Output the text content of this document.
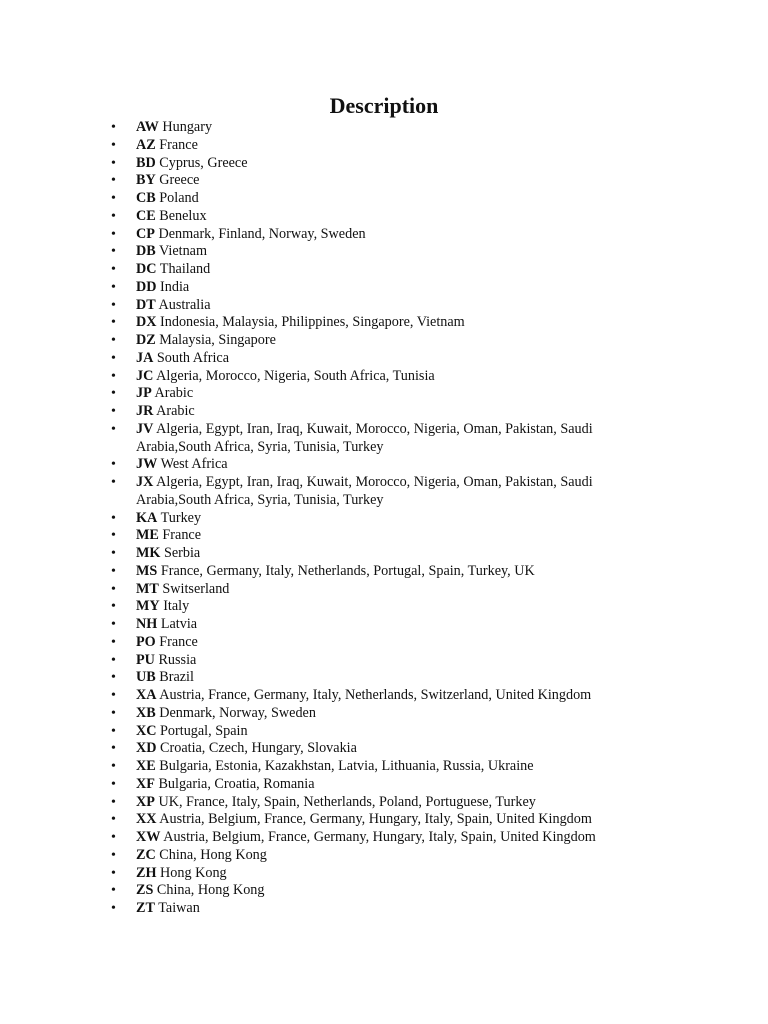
Description
• AW Hungary
• AZ France
• BD Cyprus, Greece
• BY Greece
• CB Poland
• CE Benelux
• CP Denmark, Finland, Norway, Sweden
• DB Vietnam
• DC Thailand
• DD India
• DT Australia
• DX Indonesia, Malaysia, Philippines, Singapore, Vietnam
• DZ Malaysia, Singapore
• JA South Africa
• JC Algeria, Morocco, Nigeria, South Africa, Tunisia
• JP Arabic
• JR Arabic
• JV Algeria, Egypt, Iran, Iraq, Kuwait, Morocco, Nigeria, Oman, Pakistan, Saudi Arabia,South Africa, Syria, Tunisia, Turkey
• JW West Africa
• JX Algeria, Egypt, Iran, Iraq, Kuwait, Morocco, Nigeria, Oman, Pakistan, Saudi Arabia,South Africa, Syria, Tunisia, Turkey
• KA Turkey
• ME France
• MK Serbia
• MS France, Germany, Italy, Netherlands, Portugal, Spain, Turkey, UK
• MT Switserland
• MY Italy
• NH Latvia
• PO France
• PU Russia
• UB Brazil
• XA Austria, France, Germany, Italy, Netherlands, Switzerland, United Kingdom
• XB Denmark, Norway, Sweden
• XC Portugal, Spain
• XD Croatia, Czech, Hungary, Slovakia
• XE Bulgaria, Estonia, Kazakhstan, Latvia, Lithuania, Russia, Ukraine
• XF Bulgaria, Croatia, Romania
• XP UK, France, Italy, Spain, Netherlands, Poland, Portuguese, Turkey
• XX Austria, Belgium, France, Germany, Hungary, Italy, Spain, United Kingdom
• XW Austria, Belgium, France, Germany, Hungary, Italy, Spain, United Kingdom
• ZC China, Hong Kong
• ZH Hong Kong
• ZS China, Hong Kong
• ZT Taiwan
